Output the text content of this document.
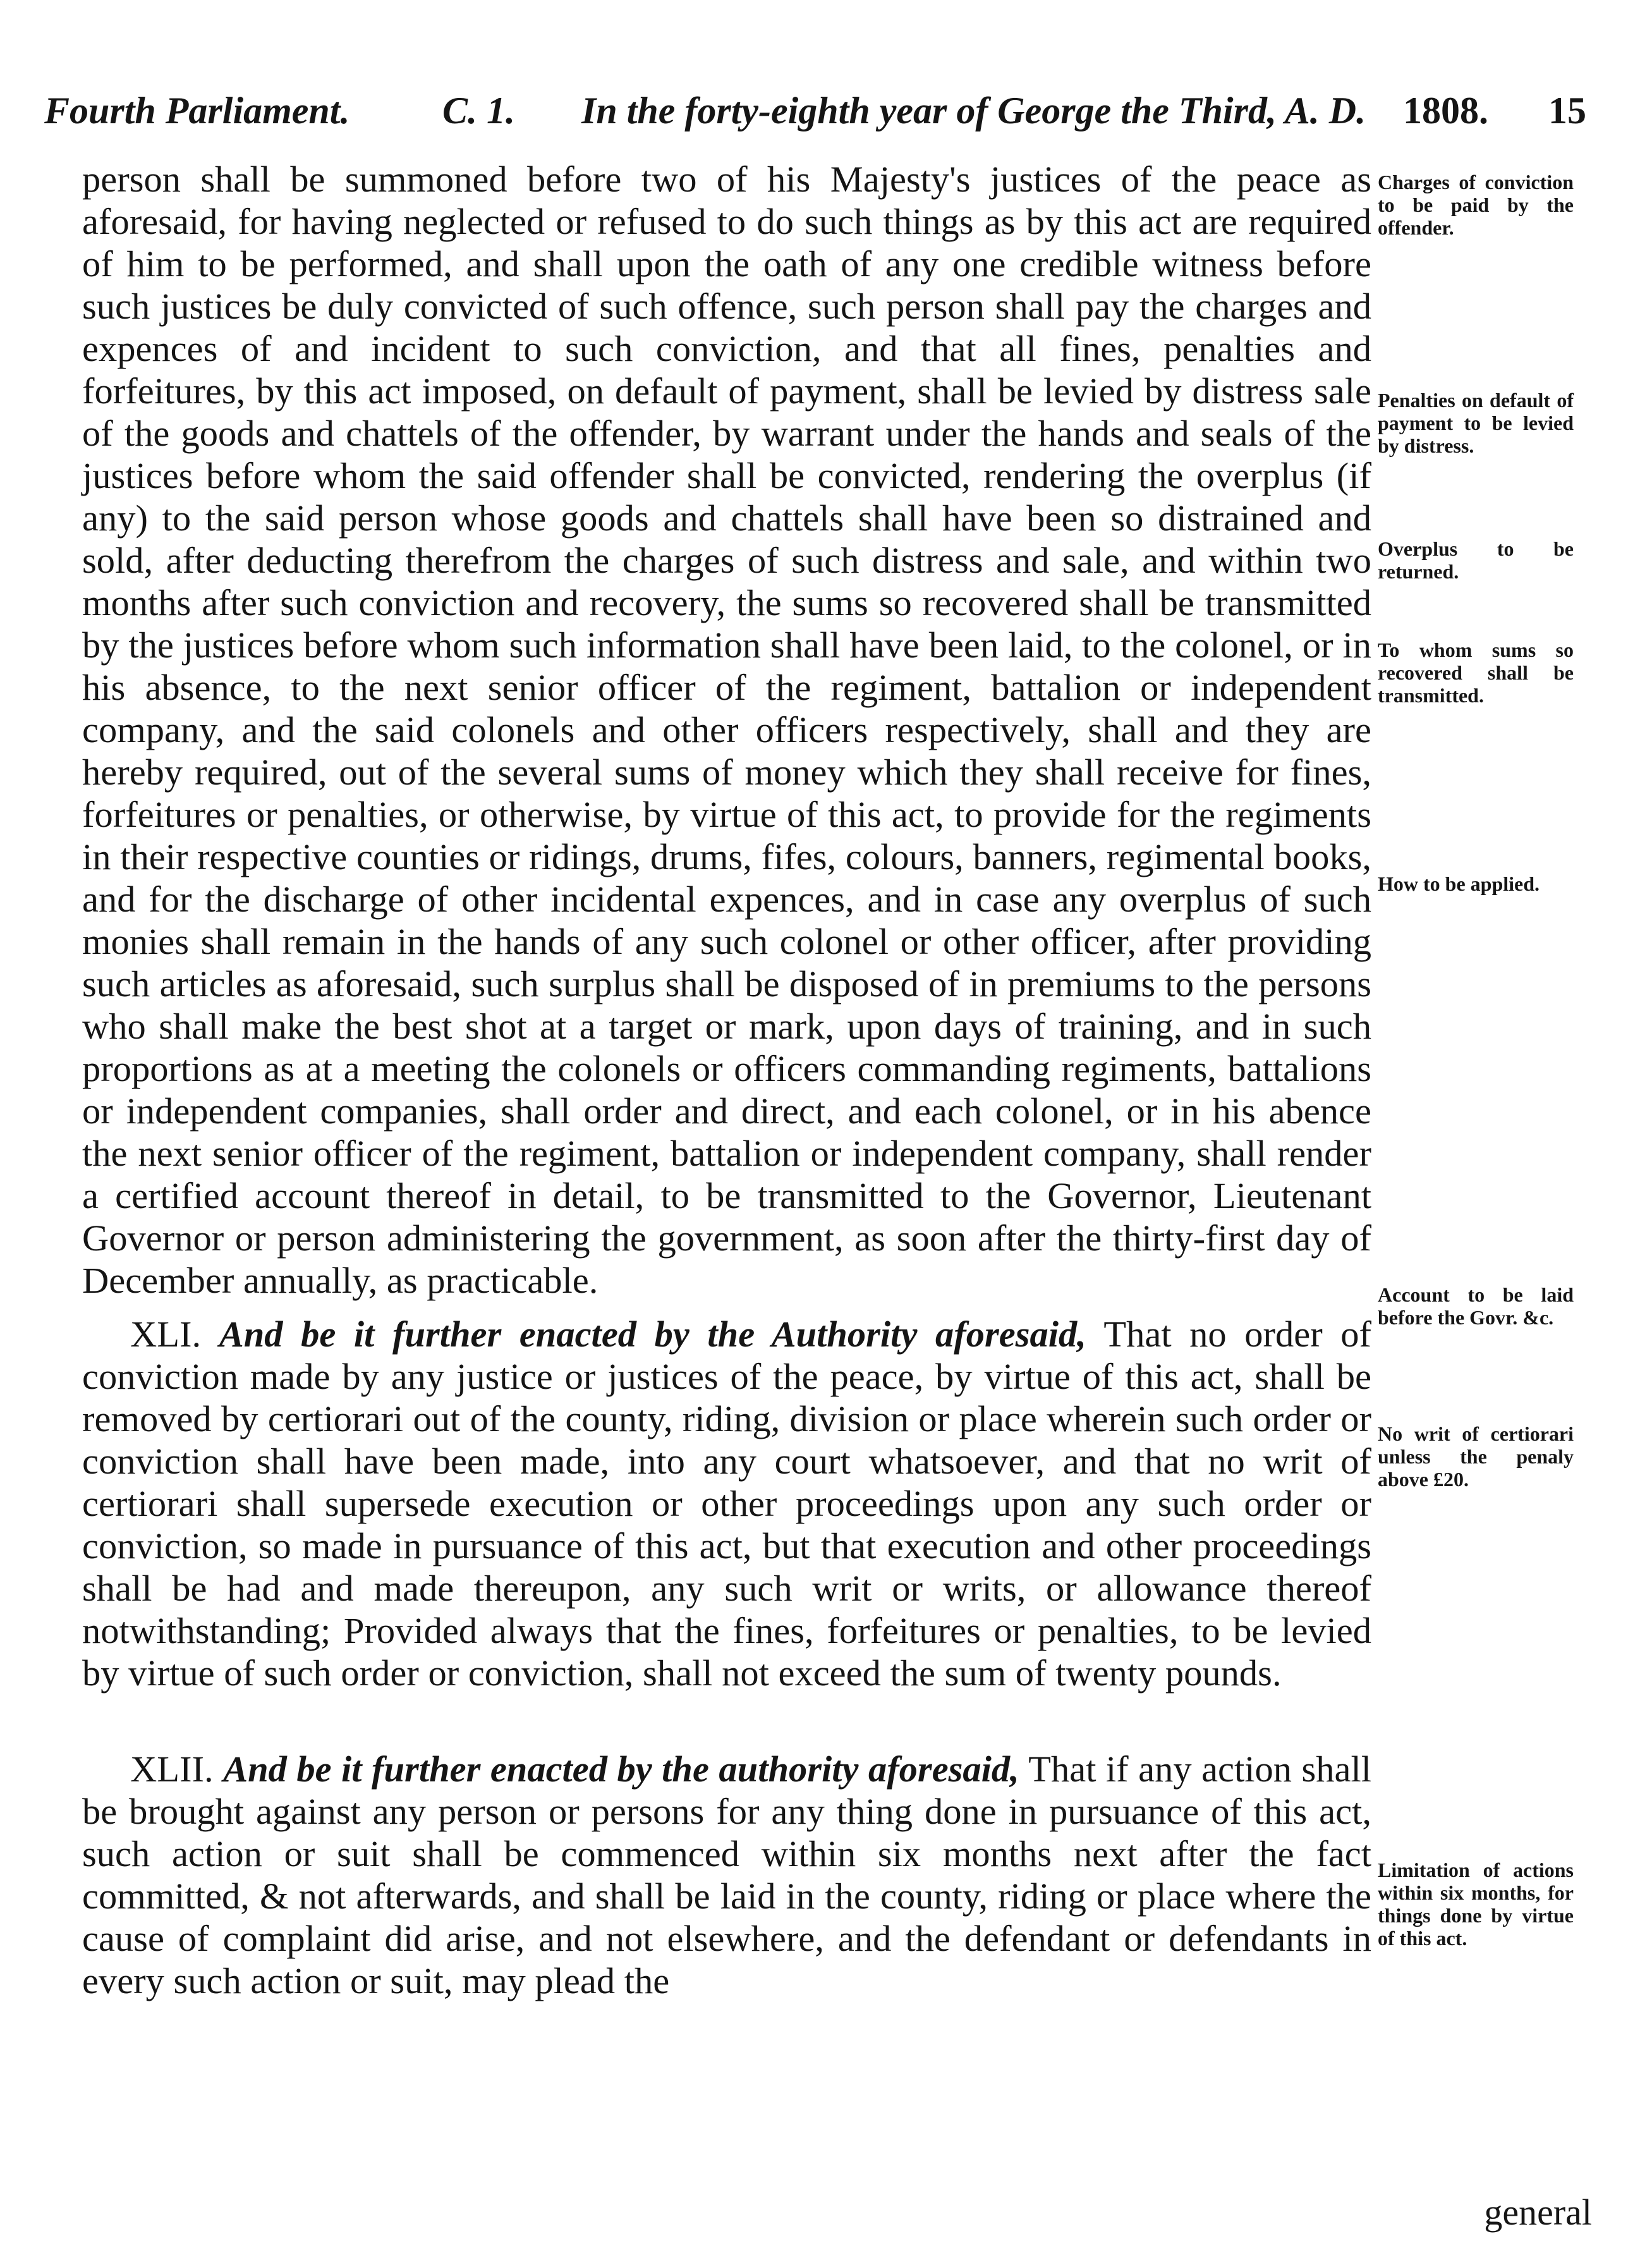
Fourth Parliament. C. 1. In the forty-eighth year of George the Third, A. D. 1808. 15

person shall be summoned before two of his Majesty's justices of the peace as aforesaid, for having neglected or refused to do such things as by this act are required of him to be performed, and shall upon the oath of any one credible witness before such justices be duly convicted of such offence, such person shall pay the charges and expences of and incident to such conviction, and that all fines, penalties and forfeitures, by this act imposed, on default of payment, shall be levied by distress sale of the goods and chattels of the offender, by warrant under the hands and seals of the justices before whom the said offender shall be convicted, rendering the overplus (if any) to the said person whose goods and chattels shall have been so distrained and sold, after deducting therefrom the charges of such distress and sale, and within two months after such conviction and recovery, the sums so recovered shall be transmitted by the justices before whom such information shall have been laid, to the colonel, or in his absence, to the next senior officer of the regiment, battalion or independent company, and the said colonels and other officers respectively, shall and they are hereby required, out of the several sums of money which they shall receive for fines, forfeitures or penalties, or otherwise, by virtue of this act, to provide for the regiments in their respective counties or ridings, drums, fifes, colours, banners, regimental books, and for the discharge of other incidental expences, and in case any overplus of such monies shall remain in the hands of any such colonel or other officer, after providing such articles as aforesaid, such surplus shall be disposed of in premiums to the persons who shall make the best shot at a target or mark, upon days of training, and in such proportions as at a meeting the colonels or officers commanding regiments, battalions or independent companies, shall order and direct, and each colonel, or in his abence the next senior officer of the regiment, battalion or independent company, shall render a certified account thereof in detail, to be transmitted to the Governor, Lieutenant Governor or person administering the government, as soon after the thirty-first day of December annually, as practicable.

XLI. And be it further enacted by the Authority aforesaid, That no order of conviction made by any justice or justices of the peace, by virtue of this act, shall be removed by certiorari out of the county, riding, division or place wherein such order or conviction shall have been made, into any court whatsoever, and that no writ of certiorari shall supersede execution or other proceedings upon any such order or conviction, so made in pursuance of this act, but that execution and other proceedings shall be had and made thereupon, any such writ or writs, or allowance thereof notwithstanding; Provided always that the fines, forfeitures or penalties, to be levied by virtue of such order or conviction, shall not exceed the sum of twenty pounds.

XLII. And be it further enacted by the authority aforesaid, That if any action shall be brought against any person or persons for any thing done in pursuance of this act, such action or suit shall be commenced within six months next after the fact committed, & not afterwards, and shall be laid in the county, riding or place where the cause of complaint did arise, and not elsewhere, and the defendant or defendants in every such action or suit, may plead the

Charges of conviction to be paid by the offender.
Penalties on default of payment to be levied by distress.
Overplus to be returned.
To whom sums so recovered shall be transmitted.
How to be applied.
Account to be laid before the Govr. &c.
No writ of certiorari unless the penaly above £20.
Limitation of actions within six months, for things done by virtue of this act.
general
